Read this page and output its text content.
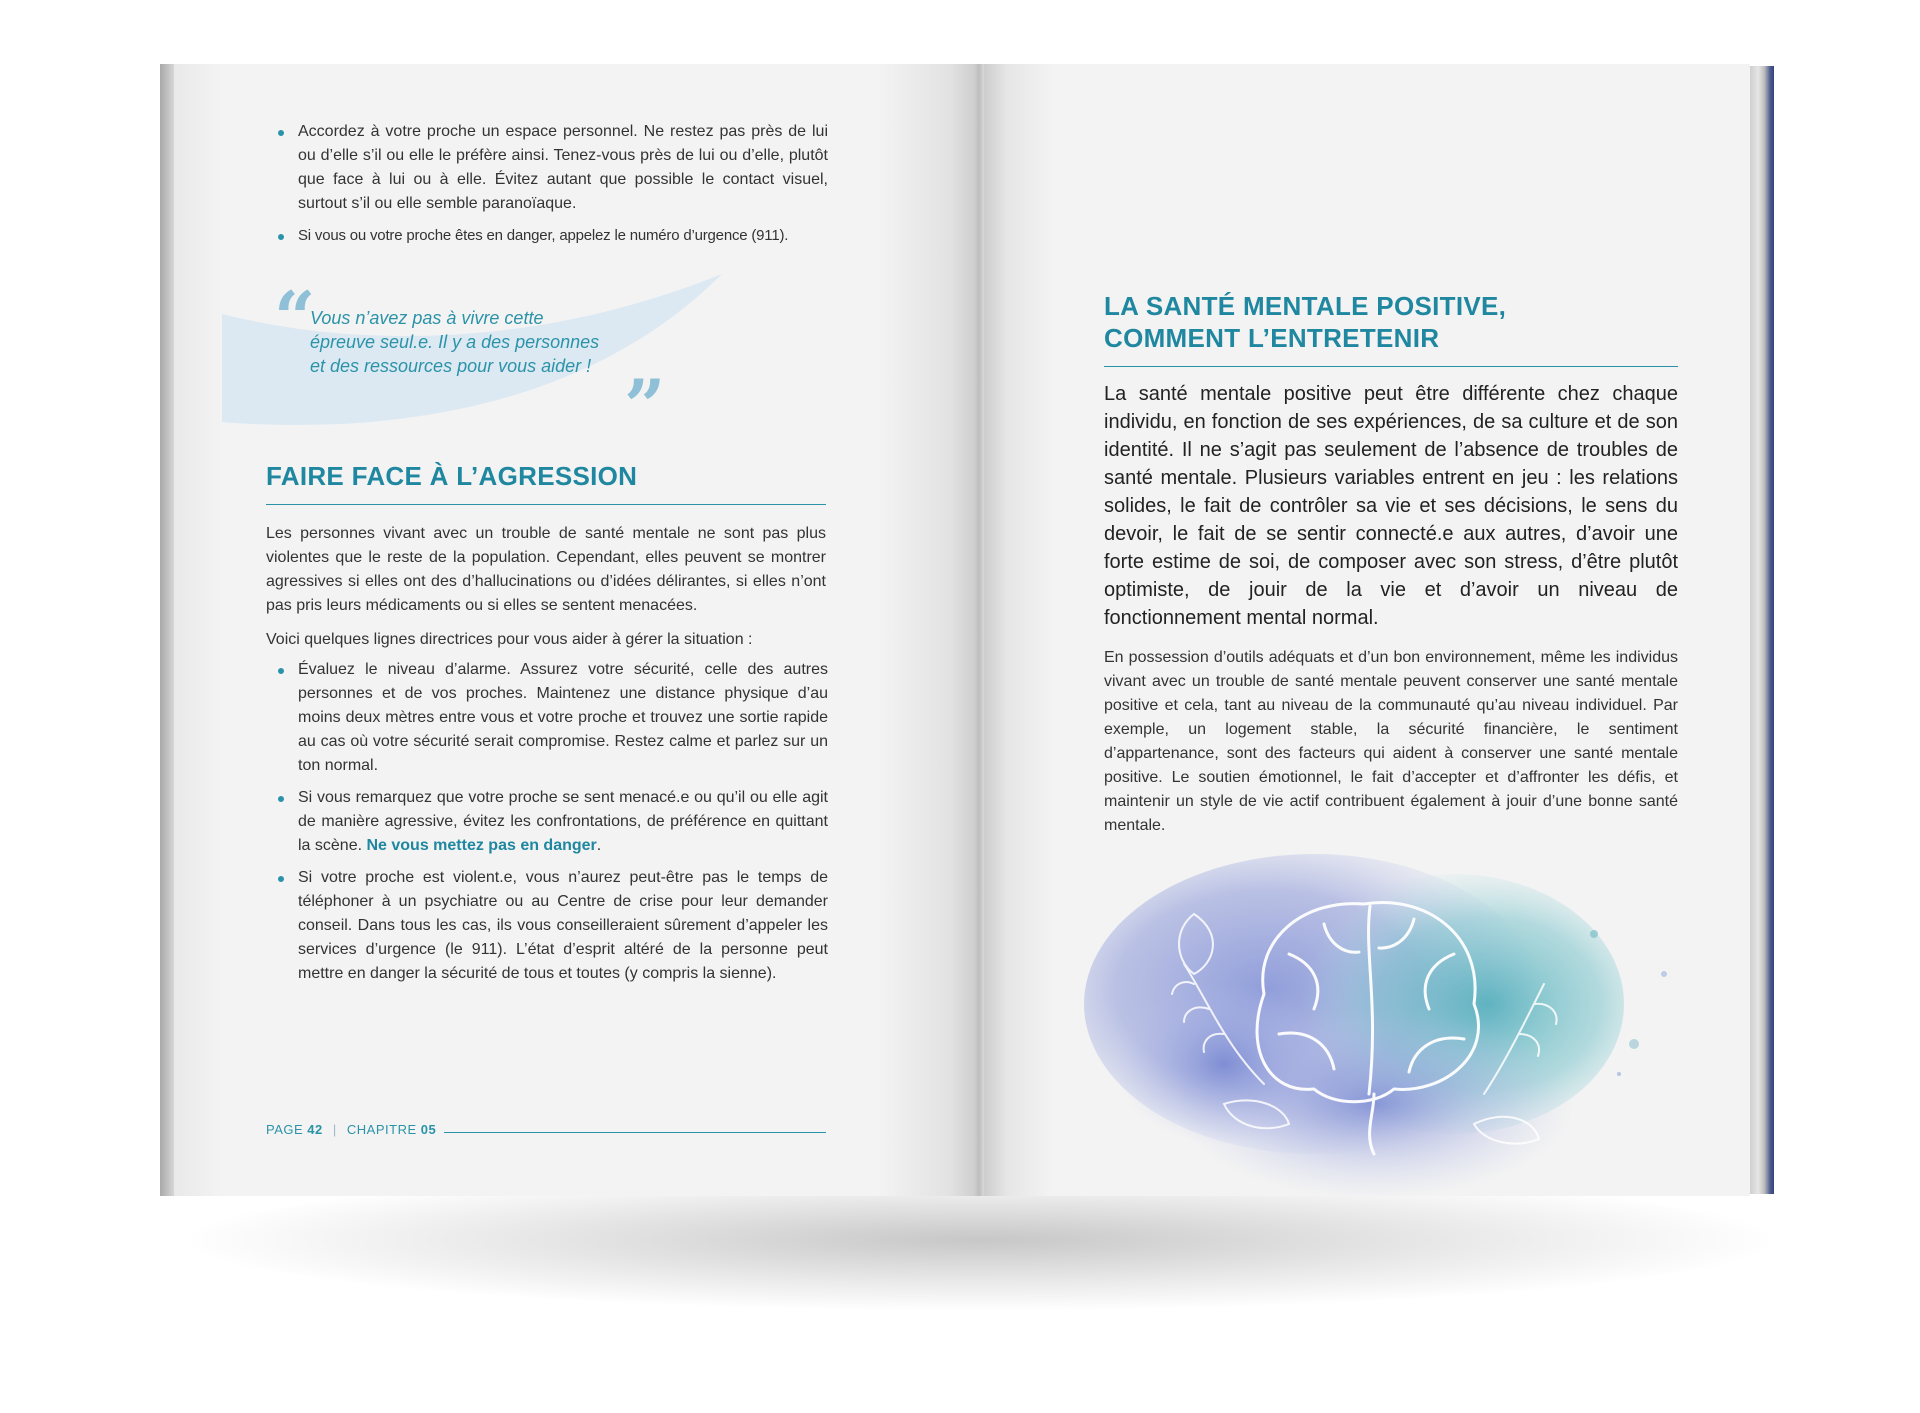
Accordez à votre proche un espace personnel. Ne restez pas près de lui ou d’elle s’il ou elle le préfère ainsi. Tenez-vous près de lui ou d’elle, plutôt que face à lui ou à elle. Évitez autant que possible le contact visuel, surtout s’il ou elle semble paranoïaque.
Si vous ou votre proche êtes en danger, appelez le numéro d’urgence (911).
“

Vous n’avez pas à vivre cette épreuve seul.e. Il y a des personnes et des ressources pour vous aider ! ”
FAIRE FACE À L’AGRESSION

Les personnes vivant avec un trouble de santé mentale ne sont pas plus violentes que le reste de la population. Cependant, elles peuvent se montrer agressives si elles ont des d’hallucinations ou d’idées délirantes, si elles n’ont pas pris leurs médicaments ou si elles se sentent menacées.

Voici quelques lignes directrices pour vous aider à gérer la situation :

Évaluez le niveau d’alarme. Assurez votre sécurité, celle des autres personnes et de vos proches. Maintenez une distance physique d’au moins deux mètres entre vous et votre proche et trouvez une sortie rapide au cas où votre sécurité serait compromise. Restez calme et parlez sur un ton normal.
Si vous remarquez que votre proche se sent menacé.e ou qu’il ou elle agit de manière agressive, évitez les confrontations, de préférence en quittant la scène. Ne vous mettez pas en danger.
Si votre proche est violent.e, vous n’aurez peut-être pas le temps de téléphoner à un psychiatre ou au Centre de crise pour leur demander conseil. Dans tous les cas, ils vous conseilleraient sûrement d’appeler les services d’urgence (le 911). L’état d’esprit altéré de la personne peut mettre en danger la sécurité de tous et toutes (y compris la sienne).
PAGE 42 | CHAPITRE 05
LA SANTÉ MENTALE POSITIVE,
COMMENT L’ENTRETENIR

La santé mentale positive peut être différente chez chaque individu, en fonction de ses expériences, de sa culture et de son identité. Il ne s’agit pas seulement de l’absence de troubles de santé mentale. Plusieurs variables entrent en jeu : les relations solides, le fait de contrôler sa vie et ses décisions, le sens du devoir, le fait de se sentir connecté.e aux autres, d’avoir une forte estime de soi, de composer avec son stress, d’être plutôt optimiste, de jouir de la vie et d’avoir un niveau de fonctionnement mental normal.

En possession d’outils adéquats et d’un bon environnement, même les individus vivant avec un trouble de santé mentale peuvent conserver une santé mentale positive et cela, tant au niveau de la communauté qu’au niveau individuel. Par exemple, un logement stable, la sécurité financière, le sentiment d’appartenance, sont des facteurs qui aident à conserver une santé mentale positive. Le soutien émotionnel, le fait d’accepter et d’affronter les défis, et maintenir un style de vie actif contribuent également à jouir d’une bonne santé mentale.
